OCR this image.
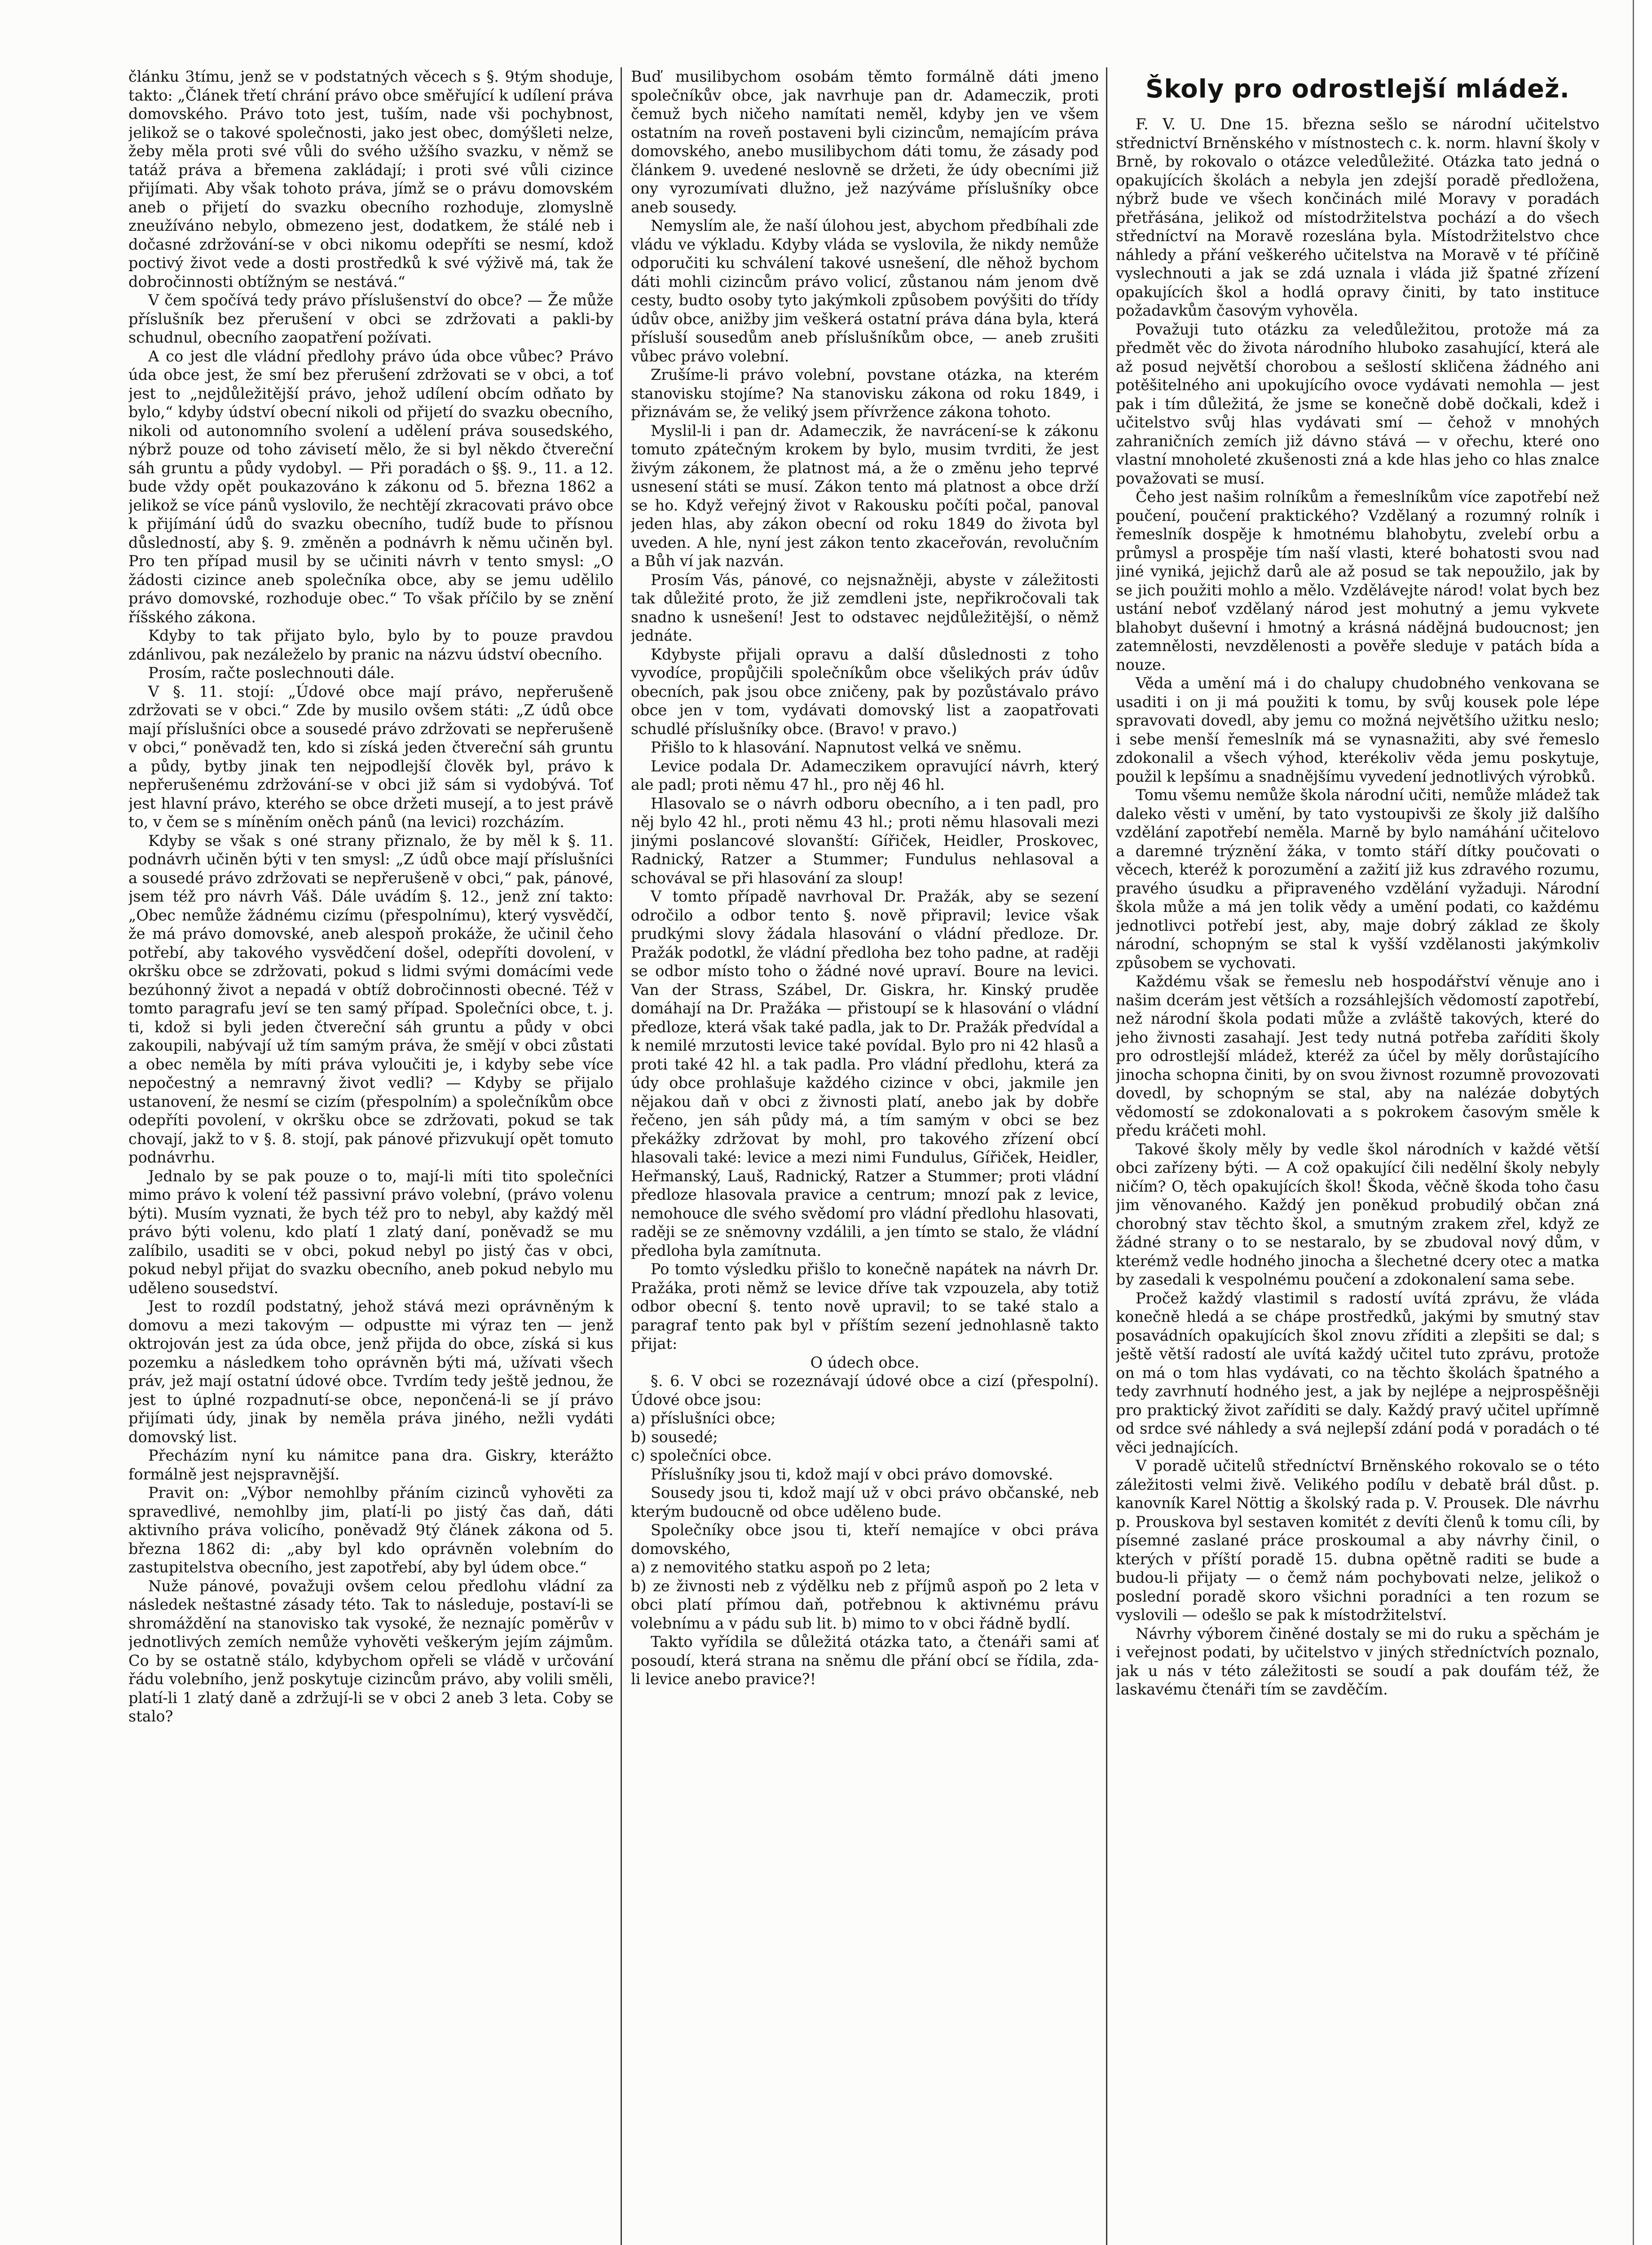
článku 3tímu, jenž se v podstatných věcech s §. 9tým shoduje, takto: „Článek třetí chrání právo obce směřující k udílení práva domovského. Právo toto jest, tuším, nade vši pochybnost, jelikož se o takové společnosti, jako jest obec, domýšleti nelze, žeby měla proti své vůli do svého užšího svazku, v němž se tatáž práva a břemena zakládají; i proti své vůli cizince přijímati. Aby však tohoto práva, jímž se o právu domovském aneb o přijetí do svazku obecního rozhoduje, zlomyslně zneužíváno nebylo, obmezeno jest, dodatkem, že stálé neb i dočasné zdržování-se v obci nikomu odepříti se nesmí, kdož poctivý život vede a dosti prostředků k své výživě má, tak že dobročinnosti obtížným se nestává.“

V čem spočívá tedy právo příslušenství do obce? — Že může příslušník bez přerušení v obci se zdržovati a pakli-by schudnul, obecního zaopatření požívati.

A co jest dle vládní předlohy právo úda obce vůbec? Právo úda obce jest, že smí bez přerušení zdržovati se v obci, a toť jest to „nejdůležitější právo, jehož udílení obcím odňato by bylo,“ kdyby údství obecní nikoli od přijetí do svazku obecního, nikoli od autonomního svolení a udělení práva sousedského, nýbrž pouze od toho závisetí mělo, že si byl někdo čtvereční sáh gruntu a půdy vydobyl. — Při poradách o §§. 9., 11. a 12. bude vždy opět poukazováno k zákonu od 5. března 1862 a jelikož se více pánů vyslovilo, že nechtějí zkracovati právo obce k přijímání údů do svazku obecního, tudíž bude to přísnou důsledností, aby §. 9. změněn a podnávrh k němu učiněn byl. Pro ten případ musil by se učiniti návrh v tento smysl: „O žádosti cizince aneb společníka obce, aby se jemu udělilo právo domovské, rozhoduje obec.“ To však příčilo by se znění říšského zákona.

Kdyby to tak přijato bylo, bylo by to pouze pravdou zdánlivou, pak nezáleželo by pranic na názvu údství obecního.

Prosím, račte poslechnouti dále.

V §. 11. stojí: „Údové obce mají právo, nepřerušeně zdržovati se v obci.“ Zde by musilo ovšem státi: „Z údů obce mají příslušníci obce a sousedé právo zdržovati se nepřerušeně v obci,“ poněvadž ten, kdo si získá jeden čtvereční sáh gruntu a půdy, bytby jinak ten nejpodlejší člověk byl, právo k nepřerušenému zdržování-se v obci již sám si vydobývá. Toť jest hlavní právo, kterého se obce držeti musejí, a to jest právě to, v čem se s míněním oněch pánů (na levici) rozcházím.

Kdyby se však s oné strany přiznalo, že by měl k §. 11. podnávrh učiněn býti v ten smysl: „Z údů obce mají příslušníci a sousedé právo zdržovati se nepřerušeně v obci,“ pak, pánové, jsem též pro návrh Váš. Dále uvádím §. 12., jenž zní takto: „Obec nemůže žádnému cizímu (přespolnímu), který vysvědčí, že má právo domovské, aneb alespoň prokáže, že učinil čeho potřebí, aby takového vysvědčení došel, odepříti dovolení, v okršku obce se zdržovati, pokud s lidmi svými domácími vede bezúhonný život a nepadá v obtíž dobročinnosti obecné. Též v tomto paragrafu jeví se ten samý případ. Společníci obce, t. j. ti, kdož si byli jeden čtvereční sáh gruntu a půdy v obci zakoupili, nabývají už tím samým práva, že smějí v obci zůstati a obec neměla by míti práva vyloučiti je, i kdyby sebe více nepočestný a nemravný život vedli? — Kdyby se přijalo ustanovení, že nesmí se cizím (přespolním) a společníkům obce odepříti povolení, v okršku obce se zdržovati, pokud se tak chovají, jakž to v §. 8. stojí, pak pánové přizvukují opět tomuto podnávrhu.

Jednalo by se pak pouze o to, mají-li míti tito společníci mimo právo k volení též passivní právo volební, (právo volenu býti). Musím vyznati, že bych též pro to nebyl, aby každý měl právo býti volenu, kdo platí 1 zlatý daní, poněvadž se mu zalíbilo, usaditi se v obci, pokud nebyl po jistý čas v obci, pokud nebyl přijat do svazku obecního, aneb pokud nebylo mu uděleno sousedství.

Jest to rozdíl podstatný, jehož stává mezi oprávněným k domovu a mezi takovým — odpustte mi výraz ten — jenž oktrojován jest za úda obce, jenž přijda do obce, získá si kus pozemku a následkem toho oprávněn býti má, užívati všech práv, jež mají ostatní údové obce. Tvrdím tedy ještě jednou, že jest to úplné rozpadnutí-se obce, nepončená-li se jí právo přijímati údy, jinak by neměla práva jiného, nežli vydáti domovský list.

Přecházím nyní ku námitce pana dra. Giskry, kterážto formálně jest nejspravnější.

Pravit on: „Výbor nemohlby přáním cizinců vyhověti za spravedlivé, nemohlby jim, platí-li po jistý čas daň, dáti aktivního práva volicího, poněvadž 9tý článek zákona od 5. března 1862 di: „aby byl kdo oprávněn volebním do zastupitelstva obecního, jest zapotřebí, aby byl údem obce.“

Nuže pánové, považuji ovšem celou předlohu vládní za následek neštastné zásady této. Tak to následuje, postaví-li se shromáždění na stanovisko tak vysoké, že neznajíc poměrův v jednotlivých zemích nemůže vyhověti veškerým jejím zájmům. Co by se ostatně stálo, kdybychom opřeli se vládě v určování řádu volebního, jenž poskytuje cizincům právo, aby volili směli, platí-li 1 zlatý daně a zdržují-li se v obci 2 aneb 3 leta. Coby se stalo?

Buď musilibychom osobám těmto formálně dáti jmeno společníkův obce, jak navrhuje pan dr. Adameczik, proti čemuž bych ničeho namítati neměl, kdyby jen ve všem ostatním na roveň postaveni byli cizincům, nemajícím práva domovského, anebo musilibychom dáti tomu, že zásady pod článkem 9. uvedené neslovně se držeti, že údy obecními již ony vyrozumívati dlužno, jež nazýváme příslušníky obce aneb sousedy.

Nemyslím ale, že naší úlohou jest, abychom předbíhali zde vládu ve výkladu. Kdyby vláda se vyslovila, že nikdy nemůže odporučiti ku schválení takové usnešení, dle něhož bychom dáti mohli cizincům právo volicí, zůstanou nám jenom dvě cesty, budto osoby tyto jakýmkoli způsobem povýšiti do třídy údův obce, anižby jim veškerá ostatní práva dána byla, která přísluší sousedům aneb příslušníkům obce, — aneb zrušiti vůbec právo volební.

Zrušíme-li právo volební, povstane otázka, na kterém stanovisku stojíme? Na stanovisku zákona od roku 1849, i přiznávám se, že veliký jsem přívržence zákona tohoto.

Myslil-li i pan dr. Adameczik, že navrácení-se k zákonu tomuto zpátečným krokem by bylo, musim tvrditi, že jest živým zákonem, že platnost má, a že o změnu jeho teprvé usnesení státi se musí. Zákon tento má platnost a obce drží se ho. Když veřejný život v Rakousku počíti počal, panoval jeden hlas, aby zákon obecní od roku 1849 do života byl uveden. A hle, nyní jest zákon tento zkaceřován, revolučním a Bůh ví jak nazván.

Prosím Vás, pánové, co nejsnažněji, abyste v záležitosti tak důležité proto, že již zemdleni jste, nepřikročovali tak snadno k usnešení! Jest to odstavec nejdůležitější, o němž jednáte.

Kdybyste přijali opravu a další důslednosti z toho vyvodíce, propůjčili společníkům obce všelikých práv údův obecních, pak jsou obce zničeny, pak by pozůstávalo právo obce jen v tom, vydávati domovský list a zaopatřovati schudlé příslušníky obce. (Bravo! v pravo.)

Přišlo to k hlasování. Napnutost velká ve sněmu.

Levice podala Dr. Adameczikem opravující návrh, který ale padl; proti němu 47 hl., pro něj 46 hl.

Hlasovalo se o návrh odboru obecního, a i ten padl, pro něj bylo 42 hl., proti němu 43 hl.; proti němu hlasovali mezi jinými poslancové slovanští: Gířiček, Heidler, Proskovec, Radnický, Ratzer a Stummer; Fundulus nehlasoval a schovával se při hlasování za sloup!

V tomto případě navrhoval Dr. Pražák, aby se sezení odročilo a odbor tento §. nově připravil; levice však prudkými slovy žádala hlasování o vládní předloze. Dr. Pražák podotkl, že vládní předloha bez toho padne, at raději se odbor místo toho o žádné nové upraví. Boure na levici. Van der Strass, Szábel, Dr. Giskra, hr. Kinský pruděe domáhají na Dr. Pražáka — přistoupí se k hlasování o vládní předloze, která však také padla, jak to Dr. Pražák předvídal a k nemilé mrzutosti levice také povídal. Bylo pro ni 42 hlasů a proti také 42 hl. a tak padla. Pro vládní předlohu, která za údy obce prohlašuje každého cizince v obci, jakmile jen nějakou daň v obci z živnosti platí, anebo jak by dobře řečeno, jen sáh půdy má, a tím samým v obci se bez překážky zdržovat by mohl, pro takového zřízení obcí hlasovali také: levice a mezi nimi Fundulus, Gířiček, Heidler, Heřmanský, Lauš, Radnický, Ratzer a Stummer; proti vládní předloze hlasovala pravice a centrum; mnozí pak z levice, nemohouce dle svého svědomí pro vládní předlohu hlasovati, raději se ze sněmovny vzdálili, a jen tímto se stalo, že vládní předloha byla zamítnuta.

Po tomto výsledku přišlo to konečně napátek na návrh Dr. Pražáka, proti němž se levice dříve tak vzpouzela, aby totiž odbor obecní §. tento nově upravil; to se také stalo a paragraf tento pak byl v příštím sezení jednohlasně takto přijat:

O údech obce.

§. 6. V obci se rozeznávají údové obce a cizí (přespolní). Údové obce jsou:

a) příslušníci obce;

b) sousedé;

c) společníci obce.

Příslušníky jsou ti, kdož mají v obci právo domovské.

Sousedy jsou ti, kdož mají už v obci právo občanské, neb kterým budoucně od obce uděleno bude.

Společníky obce jsou ti, kteří nemajíce v obci práva domovského,

a) z nemovitého statku aspoň po 2 leta;

b) ze živnosti neb z výdělku neb z příjmů aspoň po 2 leta v obci platí přímou daň, potřebnou k aktivnému právu volebnímu a v pádu sub lit. b) mimo to v obci řádně bydlí.

Takto vyřídila se důležitá otázka tato, a čtenáři sami ať posoudí, která strana na sněmu dle přání obcí se řídila, zda-li levice anebo pravice?!

Školy pro odrostlejší mládež.

F. V. U. Dne 15. března sešlo se národní učitelstvo střednictví Brněnského v místnostech c. k. norm. hlavní školy v Brně, by rokovalo o otázce veledůležité. Otázka tato jedná o opakujících školách a nebyla jen zdejší poradě předložena, nýbrž bude ve všech končinách milé Moravy v poradách přetřásána, jelikož od místodržitelstva pochází a do všech středníctví na Moravě rozeslána byla. Místodržitelstvo chce náhledy a přání veškerého učitelstva na Moravě v té příčině vyslechnouti a jak se zdá uznala i vláda již špatné zřízení opakujících škol a hodlá opravy činiti, by tato instituce požadavkům časovým vyhověla.

Považuji tuto otázku za veledůležitou, protože má za předmět věc do života národního hluboko zasahující, která ale až posud největší chorobou a sešlostí skličena žádného ani potěšitelného ani upokujícího ovoce vydávati nemohla — jest pak i tím důležitá, že jsme se konečně době dočkali, kdež i učitelstvo svůj hlas vydávati smí — čehož v mnohých zahraničních zemích již dávno stává — v ořechu, které ono vlastní mnoholeté zkušenosti zná a kde hlas jeho co hlas znalce považovati se musí.

Čeho jest našim rolníkům a řemeslníkům více zapotřebí než poučení, poučení praktického? Vzdělaný a rozumný rolník i řemeslník dospěje k hmotnému blahobytu, zvelebí orbu a průmysl a prospěje tím naší vlasti, které bohatosti svou nad jiné vyniká, jejichž darů ale až posud se tak nepoužilo, jak by se jich použiti mohlo a mělo. Vzdělávejte národ! volat bych bez ustání neboť vzdělaný národ jest mohutný a jemu vykvete blahobyt duševní i hmotný a krásná nádějná budoucnost; jen zatemnělosti, nevzdělenosti a pověře sleduje v patách bída a nouze.

Věda a umění má i do chalupy chudobného venkovana se usaditi i on ji má použiti k tomu, by svůj kousek pole lépe spravovati dovedl, aby jemu co možná největšího užitku neslo; i sebe menší řemeslník má se vynasnažiti, aby své řemeslo zdokonalil a všech výhod, kterékoliv věda jemu poskytuje, použil k lepšímu a snadnějšímu vyvedení jednotlivých výrobků.

Tomu všemu nemůže škola národní učiti, nemůže mládež tak daleko věsti v umění, by tato vystoupivši ze školy již dalšího vzdělání zapotřebí neměla. Marně by bylo namáhání učitelovo a daremné trýznění žáka, v tomto stáří dítky poučovati o věcech, kteréž k porozumění a zažití již kus zdravého rozumu, pravého úsudku a připraveného vzdělání vyžaduji. Národní škola může a má jen tolik vědy a umění podati, co každému jednotlivci potřebí jest, aby, maje dobrý základ ze školy národní, schopným se stal k vyšší vzdělanosti jakýmkoliv způsobem se vychovati.

Každému však se řemeslu neb hospodářství věnuje ano i našim dcerám jest větších a rozsáhlejších vědomostí zapotřebí, než národní škola podati může a zvláště takových, které do jeho živnosti zasahají. Jest tedy nutná potřeba zaříditi školy pro odrostlejší mládež, kteréž za účel by měly dorůstajícího jinocha schopna činiti, by on svou živnost rozumně provozovati dovedl, by schopným se stal, aby na nalézáe dobytých vědomostí se zdokonalovati a s pokrokem časovým směle k předu kráčeti mohl.

Takové školy měly by vedle škol národních v každé větší obci zařízeny býti. — A což opakující čili nedělní školy nebyly ničím? O, těch opakujících škol! Škoda, věčně škoda toho času jim věnovaného. Každý jen poněkud probudilý občan zná chorobný stav těchto škol, a smutným zrakem zřel, když ze žádné strany o to se nestaralo, by se zbudoval nový dům, v kterémž vedle hodného jinocha a šlechetné dcery otec a matka by zasedali k vespolnému poučení a zdokonalení sama sebe.

Pročež každý vlastimil s radostí uvítá zprávu, že vláda konečně hledá a se chápe prostředků, jakými by smutný stav posavádních opakujících škol znovu zříditi a zlepšiti se dal; s ještě větší radostí ale uvítá každý učitel tuto zprávu, protože on má o tom hlas vydávati, co na těchto školách špatného a tedy zavrhnutí hodného jest, a jak by nejlépe a nejprospěšněji pro praktický život zaříditi se daly. Každý pravý učitel upřímně od srdce své náhledy a svá nejlepší zdání podá v poradách o té věci jednajících.

V poradě učitelů středníctví Brněnského rokovalo se o této záležitosti velmi živě. Velikého podílu v debatě brál důst. p. kanovník Karel Nöttig a školský rada p. V. Prousek. Dle návrhu p. Prouskova byl sestaven komitét z devíti členů k tomu cíli, by písemné zaslané práce proskoumal a aby návrhy činil, o kterých v příští poradě 15. dubna opětně raditi se bude a budou-li přijaty — o čemž nám pochybovati nelze, jelikož o poslední poradě skoro všichni poradníci a ten rozum se vyslovili — odešlo se pak k místodržitelství.

Návrhy výborem činěné dostaly se mi do ruku a spěchám je i veřejnost podati, by učitelstvo v jiných středníctvích poznalo, jak u nás v této záležitosti se soudí a pak doufám též, že laskavému čtenáři tím se zavděčím.
